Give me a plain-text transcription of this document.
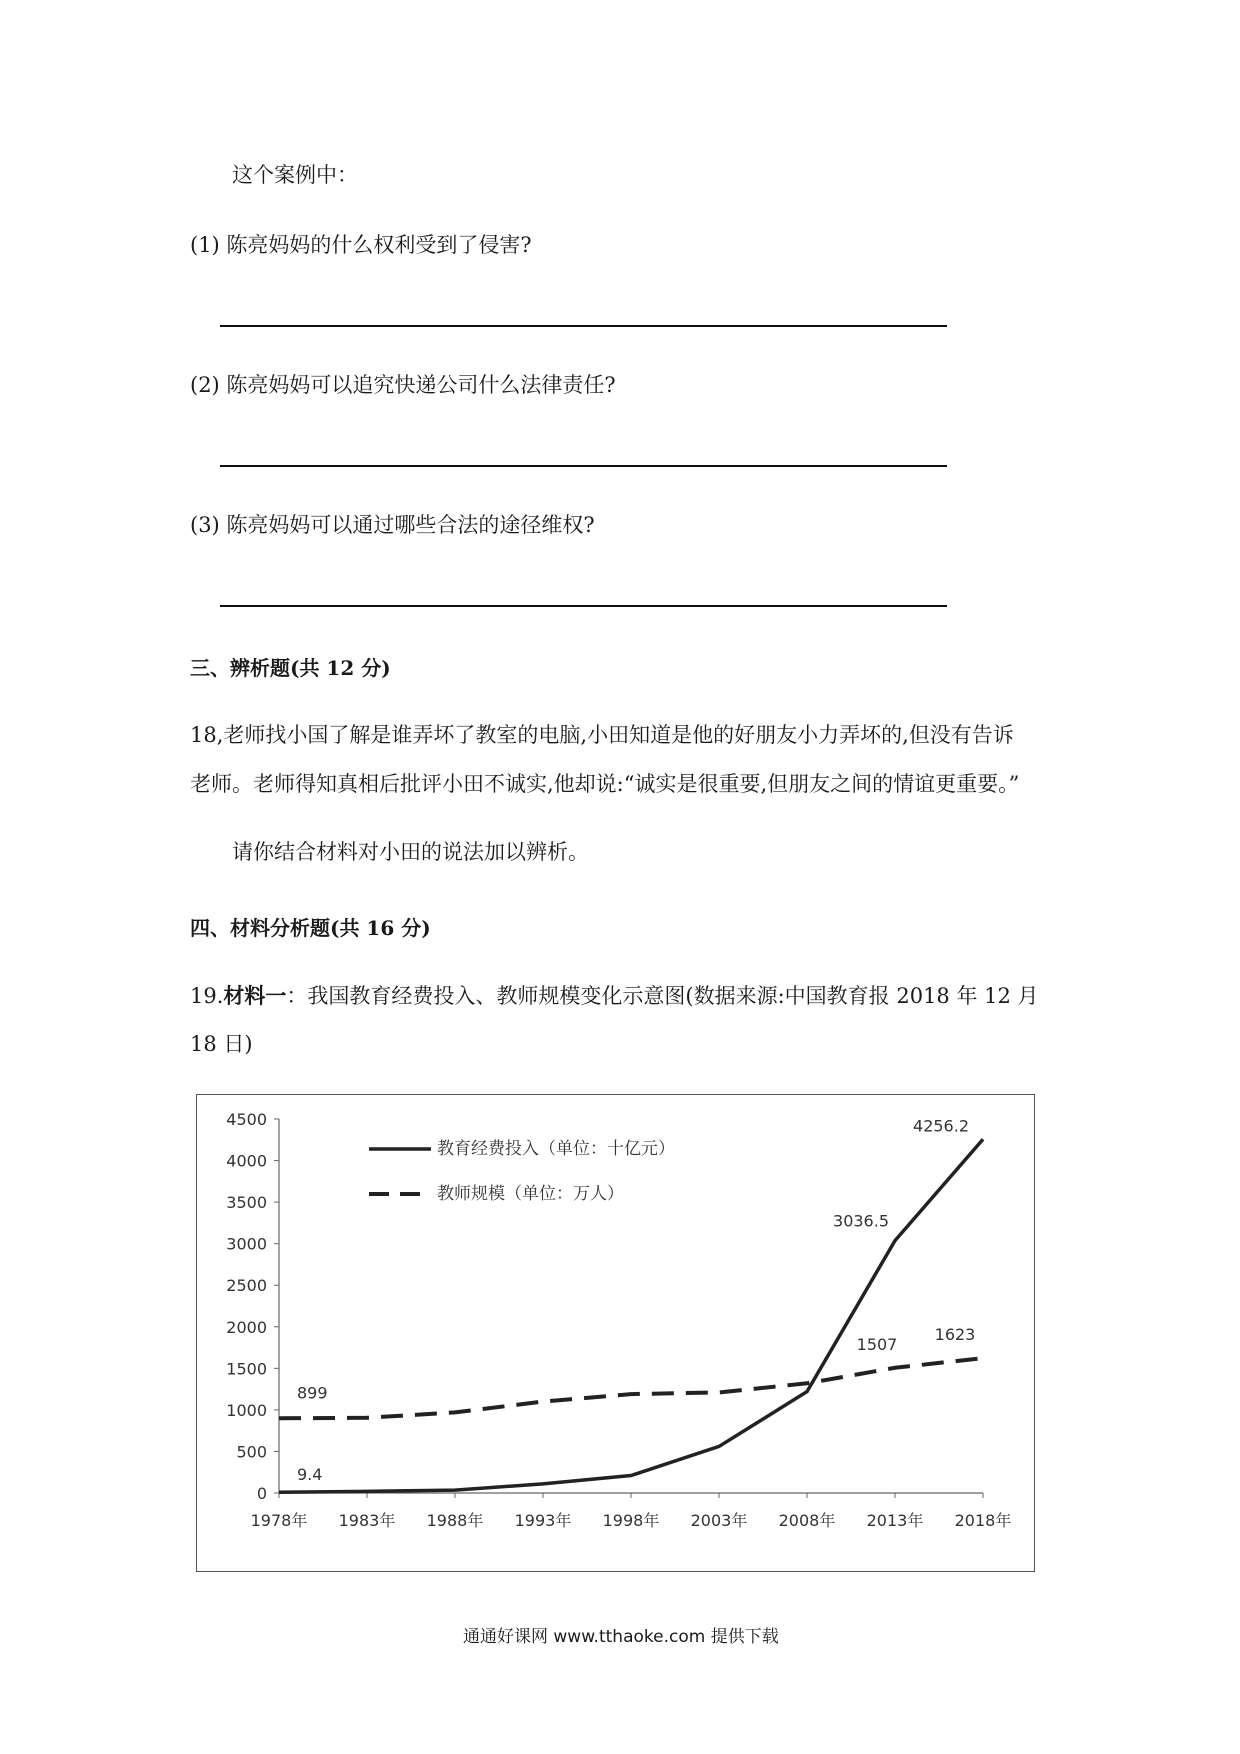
这个案例中：
(1) 陈亮妈妈的什么权利受到了侵害?
(2) 陈亮妈妈可以追究快递公司什么法律责任?
(3) 陈亮妈妈可以通过哪些合法的途径维权?
三、辨析题(共 12 分)
18,老师找小国了解是谁弄坏了教室的电脑,小田知道是他的好朋友小力弄坏的,但没有告诉
老师。老师得知真相后批评小田不诚实,他却说:“诚实是很重要,但朋友之间的情谊更重要。”
请你结合材料对小田的说法加以辨析。
四、材料分析题(共 16 分)
19.材料一：我国教育经费投入、教师规模变化示意图(数据来源:中国教育报 2018 年 12 月
18 日)
0
500
1000
1500
2000
2500
3000
3500
4000
4500
1978年 1983年 1988年 1993年 1998年 2003年 2008年 2013年 2018年
9.4
3036.5
4256.2
899
1507
1623
教育经费投入（单位：十亿元）
教师规模（单位：万人）
通通好课网 www.tthaoke.com 提供下载
